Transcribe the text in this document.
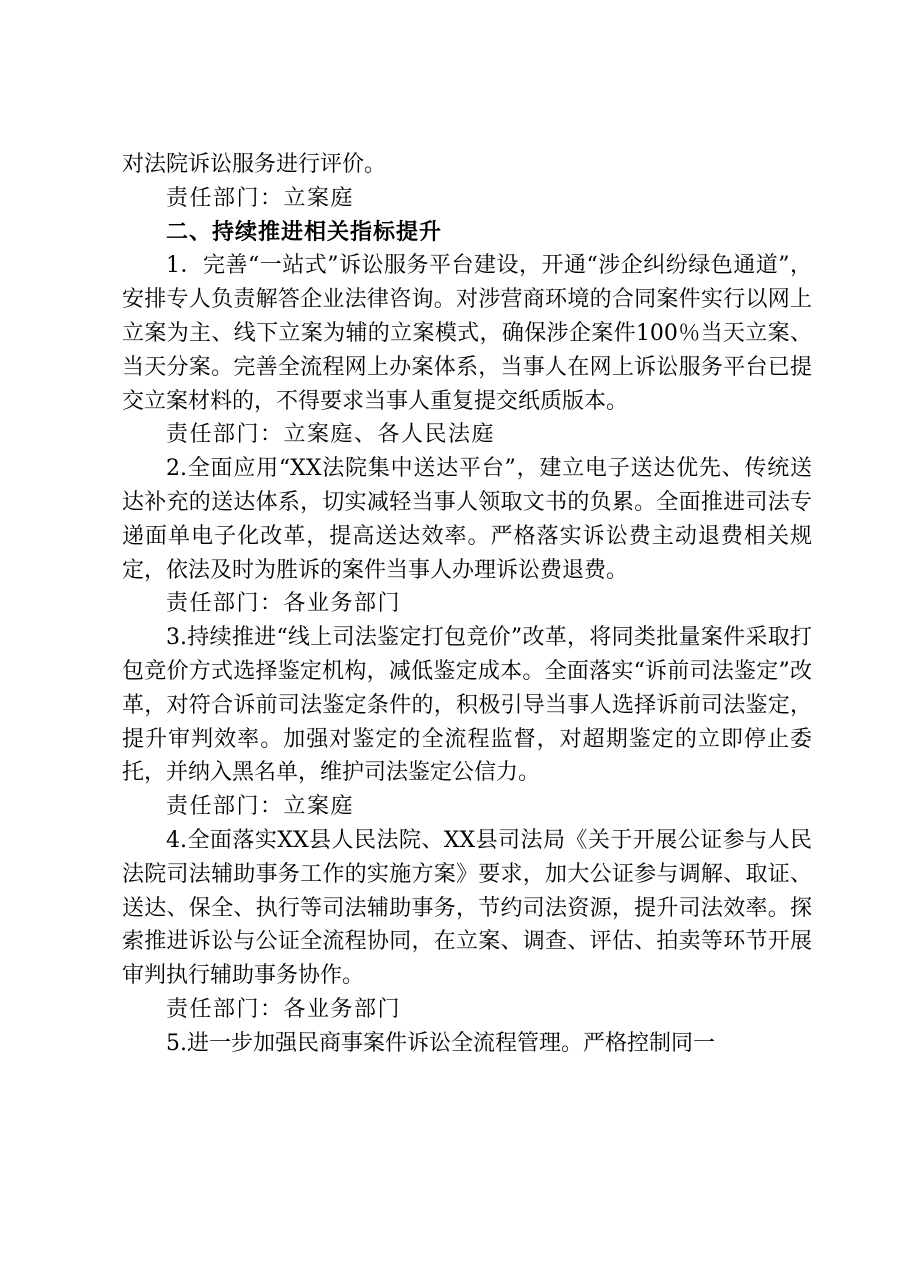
对法院诉讼服务进行评价。

责任部门：立案庭

二、持续推进相关指标提升

1．完善“一站式”诉讼服务平台建设，开通“涉企纠纷绿色通道”，安排专人负责解答企业法律咨询。对涉营商环境的合同案件实行以网上立案为主、线下立案为辅的立案模式，确保涉企案件100％当天立案、当天分案。完善全流程网上办案体系，当事人在网上诉讼服务平台已提交立案材料的，不得要求当事人重复提交纸质版本。

责任部门：立案庭、各人民法庭

2.全面应用“XX法院集中送达平台”，建立电子送达优先、传统送达补充的送达体系，切实减轻当事人领取文书的负累。全面推进司法专递面单电子化改革，提高送达效率。严格落实诉讼费主动退费相关规定，依法及时为胜诉的案件当事人办理诉讼费退费。

责任部门：各业务部门

3.持续推进“线上司法鉴定打包竞价”改革，将同类批量案件采取打包竞价方式选择鉴定机构，减低鉴定成本。全面落实“诉前司法鉴定”改革，对符合诉前司法鉴定条件的，积极引导当事人选择诉前司法鉴定，提升审判效率。加强对鉴定的全流程监督，对超期鉴定的立即停止委托，并纳入黑名单，维护司法鉴定公信力。

责任部门：立案庭

4.全面落实XX县人民法院、XX县司法局《关于开展公证参与人民法院司法辅助事务工作的实施方案》要求，加大公证参与调解、取证、送达、保全、执行等司法辅助事务，节约司法资源，提升司法效率。探索推进诉讼与公证全流程协同，在立案、调查、评估、拍卖等环节开展审判执行辅助事务协作。

责任部门：各业务部门

5.进一步加强民商事案件诉讼全流程管理。严格控制同一
